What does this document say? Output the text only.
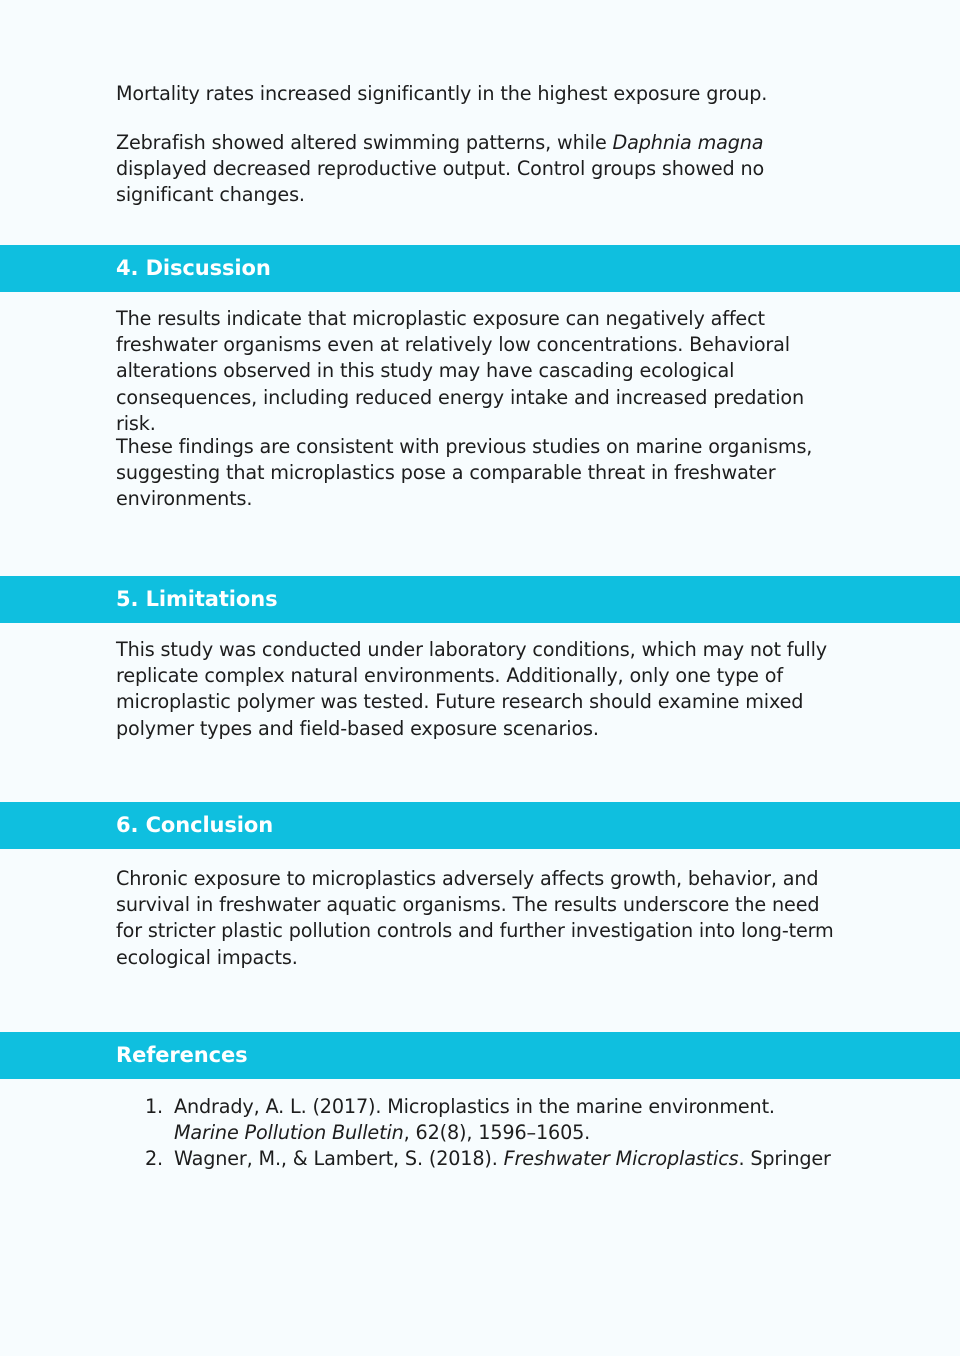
Mortality rates increased significantly in the highest exposure group.

Zebrafish showed altered swimming patterns, while Daphnia magna displayed decreased reproductive output. Control groups showed no significant changes.

4. Discussion

The results indicate that microplastic exposure can negatively affect freshwater organisms even at relatively low concentrations. Behavioral alterations observed in this study may have cascading ecological consequences, including reduced energy intake and increased predation risk.

These findings are consistent with previous studies on marine organisms, suggesting that microplastics pose a comparable threat in freshwater environments.

5. Limitations

This study was conducted under laboratory conditions, which may not fully replicate complex natural environments. Additionally, only one type of microplastic polymer was tested. Future research should examine mixed polymer types and field-based exposure scenarios.

6. Conclusion

Chronic exposure to microplastics adversely affects growth, behavior, and survival in freshwater aquatic organisms. The results underscore the need for stricter plastic pollution controls and further investigation into long-term ecological impacts.

References
1. Andrady, A. L. (2017). Microplastics in the marine environment. Marine Pollution Bulletin, 62(8), 1596–1605.
2. Wagner, M., & Lambert, S. (2018). Freshwater Microplastics. Springer
